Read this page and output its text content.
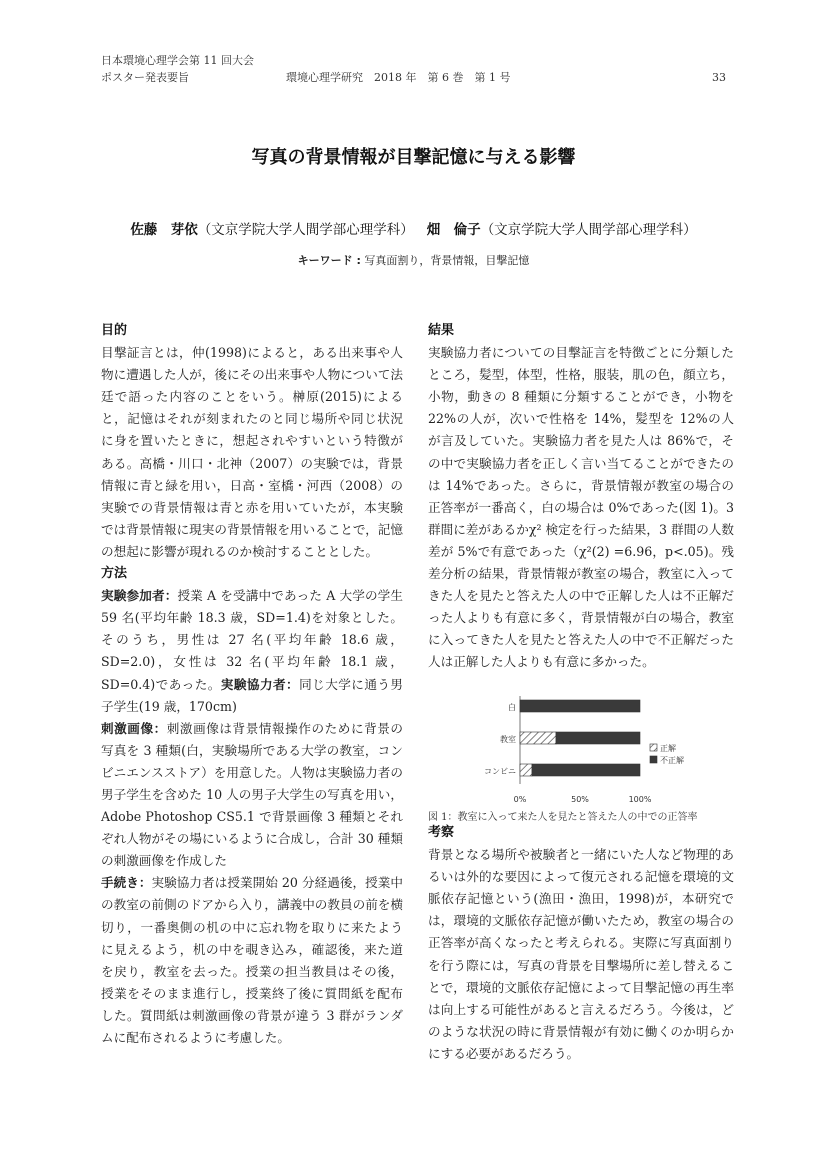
日本環境心理学会第 11 回大会
ポスター発表要旨	環境心理学研究　2018 年　第 6 巻　第 1 号	33
写真の背景情報が目撃記憶に与える影響
佐藤　芽依（文京学院大学人間学部心理学科） 畑　倫子（文京学院大学人間学部心理学科）
キーワード : 写真面割り，背景情報，目撃記憶
目的

目撃証言とは，仲(1998)によると，ある出来事や人物に遭遇した人が，後にその出来事や人物について法廷で語った内容のことをいう。榊原(2015)によると，記憶はそれが刻まれたのと同じ場所や同じ状況に身を置いたときに，想起されやすいという特徴がある。高橋・川口・北神（2007）の実験では，背景情報に青と緑を用い，日高・室橋・河西（2008）の実験での背景情報は青と赤を用いていたが，本実験では背景情報に現実の背景情報を用いることで，記憶の想起に影響が現れるのか検討することとした。

方法

実験参加者：授業 A を受講中であった A 大学の学生 59 名(平均年齢 18.3 歳，SD=1.4)を対象とした。そのうち，男性は 27 名(平均年齢 18.6 歳，SD=2.0)，女性は 32 名(平均年齢 18.1 歳，SD=0.4)であった。実験協力者：同じ大学に通う男子学生(19 歳，170cm)

刺激画像：刺激画像は背景情報操作のために背景の写真を 3 種類(白，実験場所である大学の教室，コンビニエンスストア）を用意した。人物は実験協力者の男子学生を含めた 10 人の男子大学生の写真を用い，Adobe Photoshop CS5.1 で背景画像 3 種類とそれぞれ人物がその場にいるように合成し，合計 30 種類の刺激画像を作成した

手続き：実験協力者は授業開始 20 分経過後，授業中の教室の前側のドアから入り，講義中の教員の前を横切り，一番奥側の机の中に忘れ物を取りに来たように見えるよう，机の中を覗き込み，確認後，来た道を戻り，教室を去った。授業の担当教員はその後，授業をそのまま進行し，授業終了後に質問紙を配布した。質問紙は刺激画像の背景が違う 3 群がランダムに配布されるように考慮した。

結果

実験協力者についての目撃証言を特徴ごとに分類したところ，髪型，体型，性格，服装，肌の色，顔立ち，小物，動きの 8 種類に分類することができ，小物を 22%の人が，次いで性格を 14%，髪型を 12%の人が言及していた。実験協力者を見た人は 86%で，その中で実験協力者を正しく言い当てることができたのは 14%であった。さらに，背景情報が教室の場合の正答率が一番高く，白の場合は 0%であった(図 1)。3 群間に差があるかχ² 検定を行った結果，3 群間の人数差が 5%で有意であった（χ²(2) =6.96，p<.05)。残差分析の結果，背景情報が教室の場合，教室に入ってきた人を見たと答えた人の中で正解した人は不正解だった人よりも有意に多く，背景情報が白の場合，教室に入ってきた人を見たと答えた人の中で不正解だった人は正解した人よりも有意に多かった。

白
教室
コンビニ
0%	50%	100%
正解
不正解
図 1：教室に入って来た人を見たと答えた人の中での正答率
考察

背景となる場所や被験者と一緒にいた人など物理的あるいは外的な要因によって復元される記憶を環境的文脈依存記憶という(漁田・漁田，1998)が，本研究では，環境的文脈依存記憶が働いたため，教室の場合の正答率が高くなったと考えられる。実際に写真面割りを行う際には，写真の背景を目撃場所に差し替えることで，環境的文脈依存記憶によって目撃記憶の再生率は向上する可能性があると言えるだろう。今後は，どのような状況の時に背景情報が有効に働くのか明らかにする必要があるだろう。
